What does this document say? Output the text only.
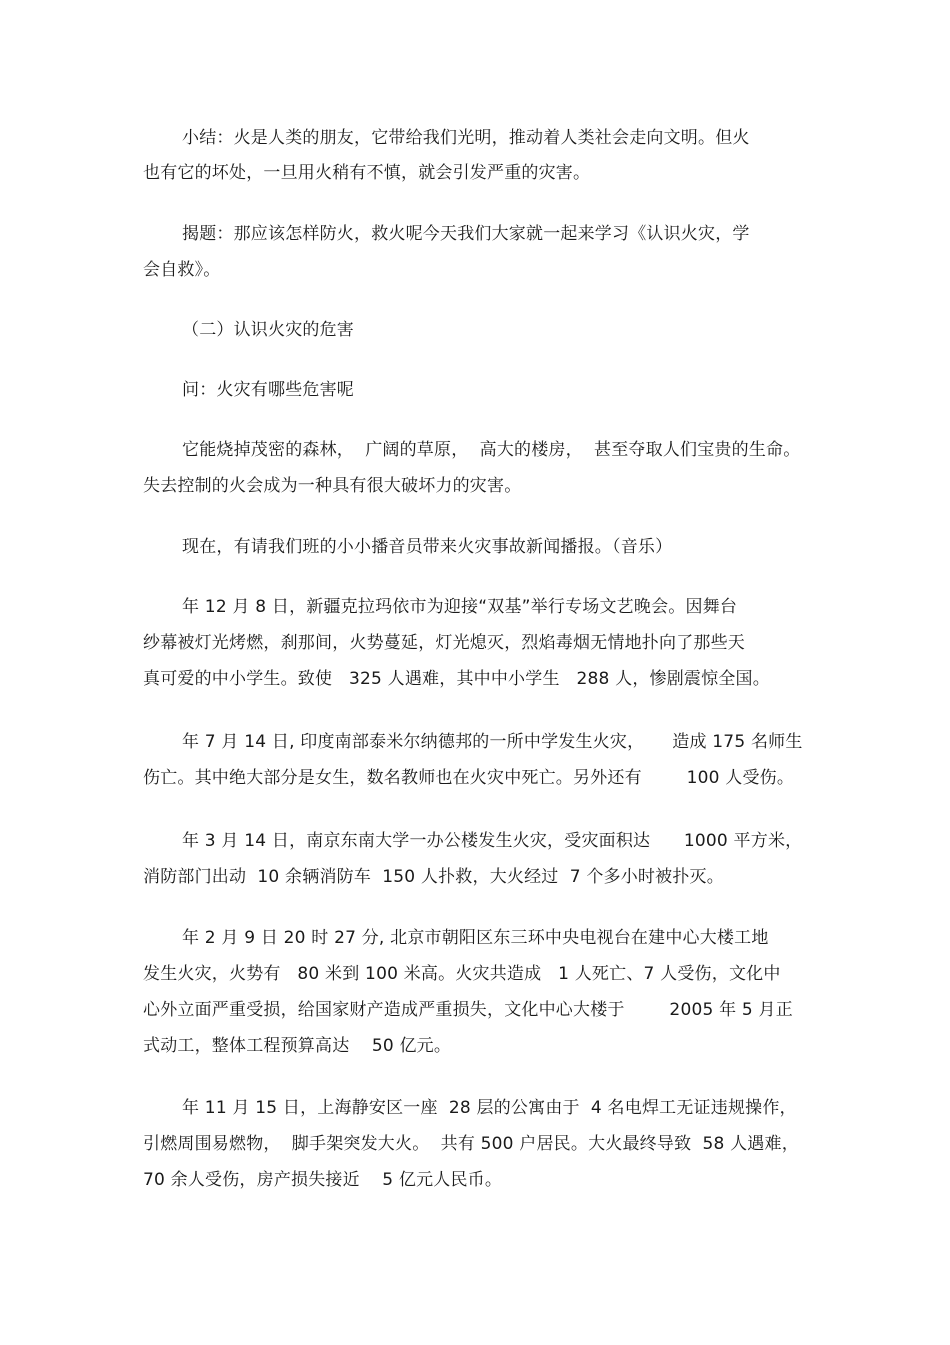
小结：火是人类的朋友，它带给我们光明，推动着人类社会走向文明。但火
也有它的坏处，一旦用火稍有不慎，就会引发严重的灾害。
揭题：那应该怎样防火，救火呢今天我们大家就一起来学习《认识火灾，学
会自救》。
（二）认识火灾的危害
问：火灾有哪些危害呢
它能烧掉茂密的森林，  广阔的草原，  高大的楼房，  甚至夺取人们宝贵的生命。
失去控制的火会成为一种具有很大破坏力的灾害。
现在，有请我们班的小小播音员带来火灾事故新闻播报。（音乐）
年 12 月 8 日，新疆克拉玛依市为迎接“双基”举行专场文艺晚会。因舞台
纱幕被灯光烤燃，刹那间，火势蔓延，灯光熄灭，烈焰毒烟无情地扑向了那些天
真可爱的中小学生。致使   325 人遇难，其中中小学生   288 人，惨剧震惊全国。
年 7 月 14 日, 印度南部泰米尔纳德邦的一所中学发生火灾，     造成 175 名师生
伤亡。其中绝大部分是女生，数名教师也在火灾中死亡。另外还有        100 人受伤。
年 3 月 14 日，南京东南大学一办公楼发生火灾，受灾面积达      1000 平方米，
消防部门出动  10 余辆消防车  150 人扑救，大火经过  7 个多小时被扑灭。
年 2 月 9 日 20 时 27 分, 北京市朝阳区东三环中央电视台在建中心大楼工地
发生火灾，火势有   80 米到 100 米高。火灾共造成   1 人死亡、7 人受伤，文化中
心外立面严重受损，给国家财产造成严重损失，文化中心大楼于        2005 年 5 月正
式动工，整体工程预算高达    50 亿元。
年 11 月 15 日，上海静安区一座  28 层的公寓由于  4 名电焊工无证违规操作，
引燃周围易燃物，  脚手架突发大火。  共有 500 户居民。大火最终导致  58 人遇难，
70 余人受伤，房产损失接近    5 亿元人民币。
